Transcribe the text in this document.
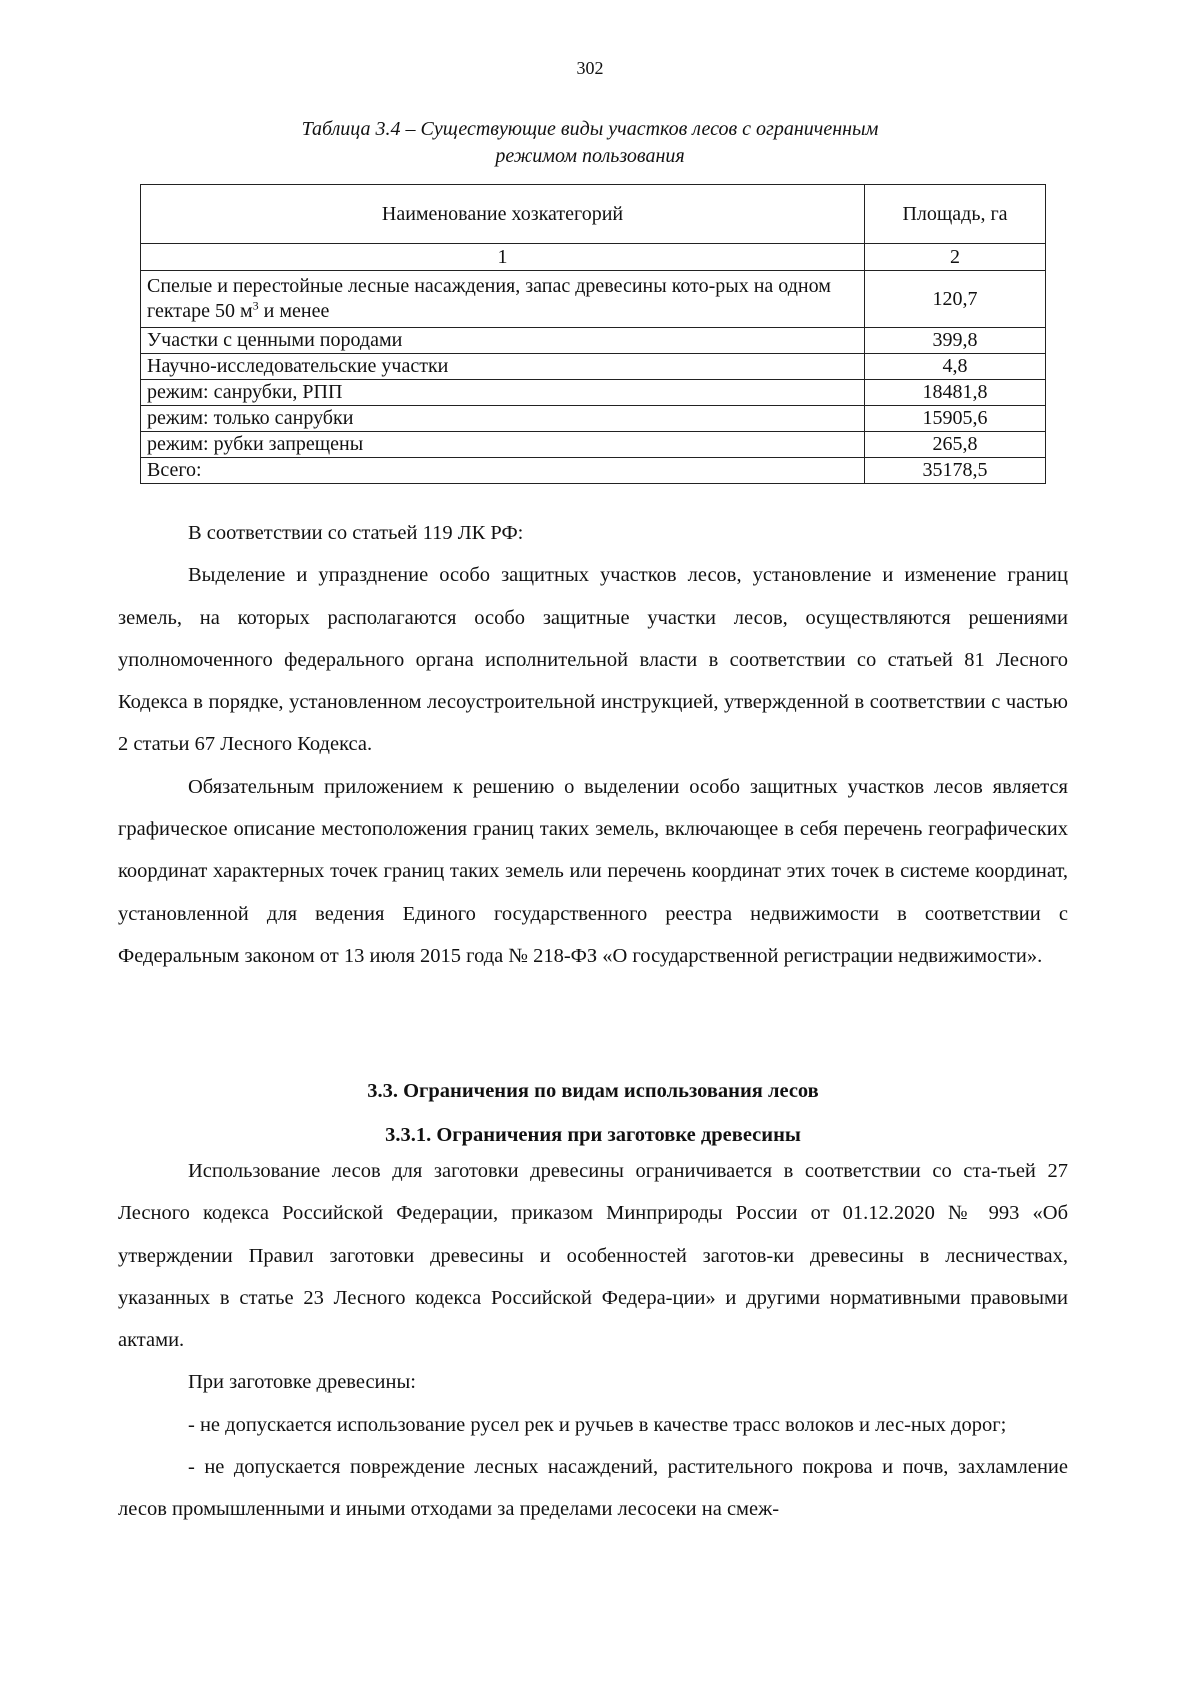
302
Таблица 3.4 – Существующие виды участков лесов с ограниченным
режимом пользования
Наименование хозкатегорий	Площадь, га
1	2
Спелые и перестойные лесные насаждения, запас древесины кото-рых на одном гектаре 50 $м^3$ и менее	120,7
Участки с ценными породами	399,8
Научно-исследовательские участки	4,8
режим: санрубки, РПП	18481,8
режим: только санрубки	15905,6
режим: рубки запрещены	265,8
Всего:	35178,5

В соответствии со статьей 119 ЛК РФ:

Выделение и упразднение особо защитных участков лесов, установление и изменение границ земель, на которых располагаются особо защитные участки лесов, осуществляются решениями уполномоченного федерального органа исполнительной власти в соответствии со статьей 81 Лесного Кодекса в порядке, установленном лесоустроительной инструкцией, утвержденной в соответствии с частью 2 статьи 67 Лесного Кодекса.

Обязательным приложением к решению о выделении особо защитных участков лесов является графическое описание местоположения границ таких земель, включающее в себя перечень географических координат характерных точек границ таких земель или перечень координат этих точек в системе координат, установленной для ведения Единого государственного реестра недвижимости в соответствии с Федеральным законом от 13 июля 2015 года № 218-ФЗ «О государственной регистрации недвижимости».

3.3. Ограничения по видам использования лесов
3.3.1. Ограничения при заготовке древесины

Использование лесов для заготовки древесины ограничивается в соответствии со ста-тьей 27 Лесного кодекса Российской Федерации, приказом Минприроды России от 01.12.2020 № 993 «Об утверждении Правил заготовки древесины и особенностей заготов-ки древесины в лесничествах, указанных в статье 23 Лесного кодекса Российской Федера-ции» и другими нормативными правовыми актами.

При заготовке древесины:

- не допускается использование русел рек и ручьев в качестве трасс волоков и лес-ных дорог;

- не допускается повреждение лесных насаждений, растительного покрова и почв, захламление лесов промышленными и иными отходами за пределами лесосеки на смеж-
